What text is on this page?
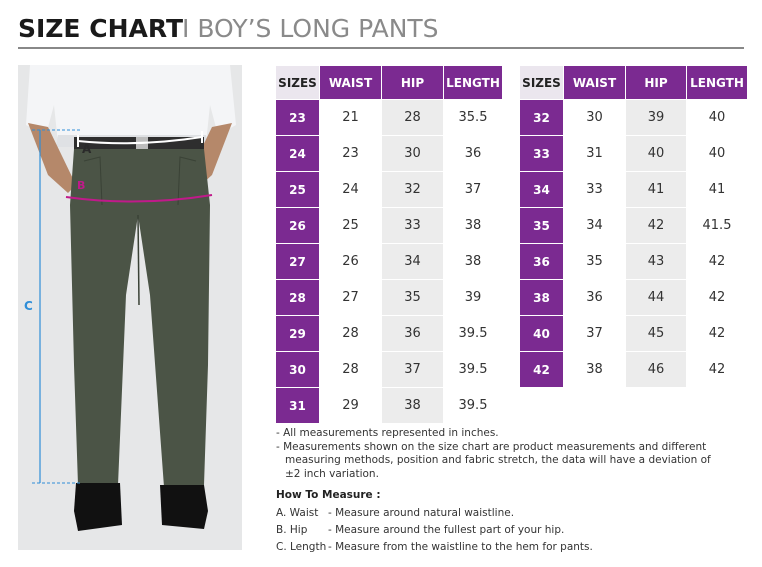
SIZE CHART
I BOY’S LONG PANTS
A
B
C
SIZES	WAIST	HIP	LENGTH
23	21	28	35.5
24	23	30	36
25	24	32	37
26	25	33	38
27	26	34	38
28	27	35	39
29	28	36	39.5
30	28	37	39.5
31	29	38	39.5
SIZES	WAIST	HIP	LENGTH
32	30	39	40
33	31	40	40
34	33	41	41
35	34	42	41.5
36	35	43	42
38	36	44	42
40	37	45	42
42	38	46	42
- All measurements represented in inches.
- Measurements shown on the size chart are product measurements and different
measuring methods, position and fabric stretch, the data will have a deviation of
±2 inch variation.
How To Measure :
A. Waist - Measure around natural waistline.
B. Hip - Measure around the fullest part of your hip.
C. Length - Measure from the waistline to the hem for pants.
